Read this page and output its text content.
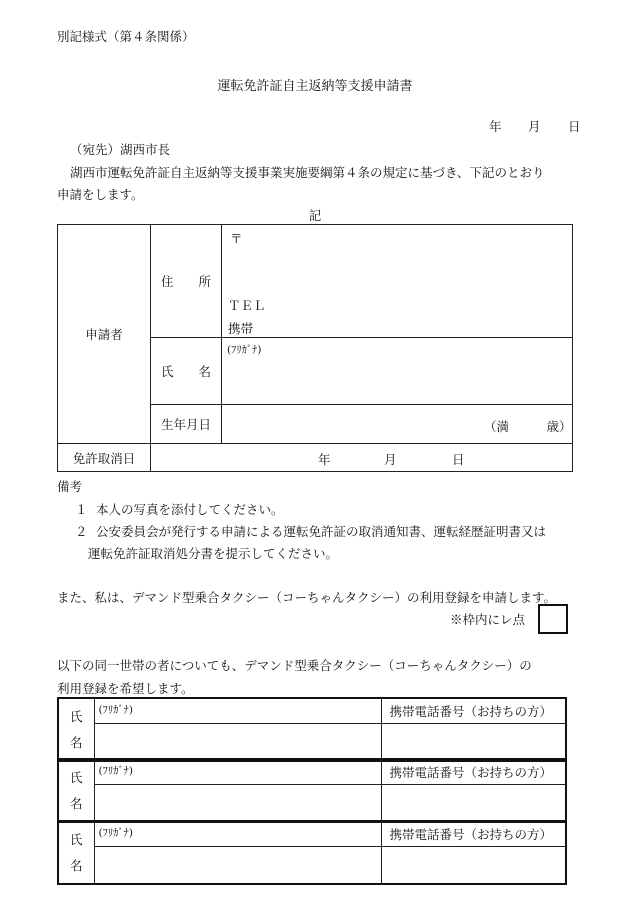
別記様式（第４条関係）
運転免許証自主返納等支援申請書
年 月 日
（宛先）湖西市長
湖西市運転免許証自主返納等支援事業実施要綱第４条の規定に基づき、下記のとおり
申請をします。
記
申請者	住　　所	〒
ＴＥＬ
携帯

	氏　　名	(ﾌﾘｶﾞﾅ)

	生年月日	（満　　　歳）

免許取消日	年 月 日	
備考
１ 本人の写真を添付してください。
２ 公安委員会が発行する申請による運転免許証の取消通知書、運転経歴証明書又は
運転免許証取消処分書を提示してください。
また、私は、デマンド型乗合タクシー（コーちゃんタクシー）の利用登録を申請します。
※枠内にレ点
以下の同一世帯の者についても、デマンド型乗合タクシー（コーちゃんタクシー）の
利用登録を希望します。
氏
名	(ﾌﾘｶﾞﾅ)	携帯電話番号（お持ちの方）

氏
名	(ﾌﾘｶﾞﾅ)	携帯電話番号（お持ちの方）

氏
名	(ﾌﾘｶﾞﾅ)	携帯電話番号（お持ちの方）
